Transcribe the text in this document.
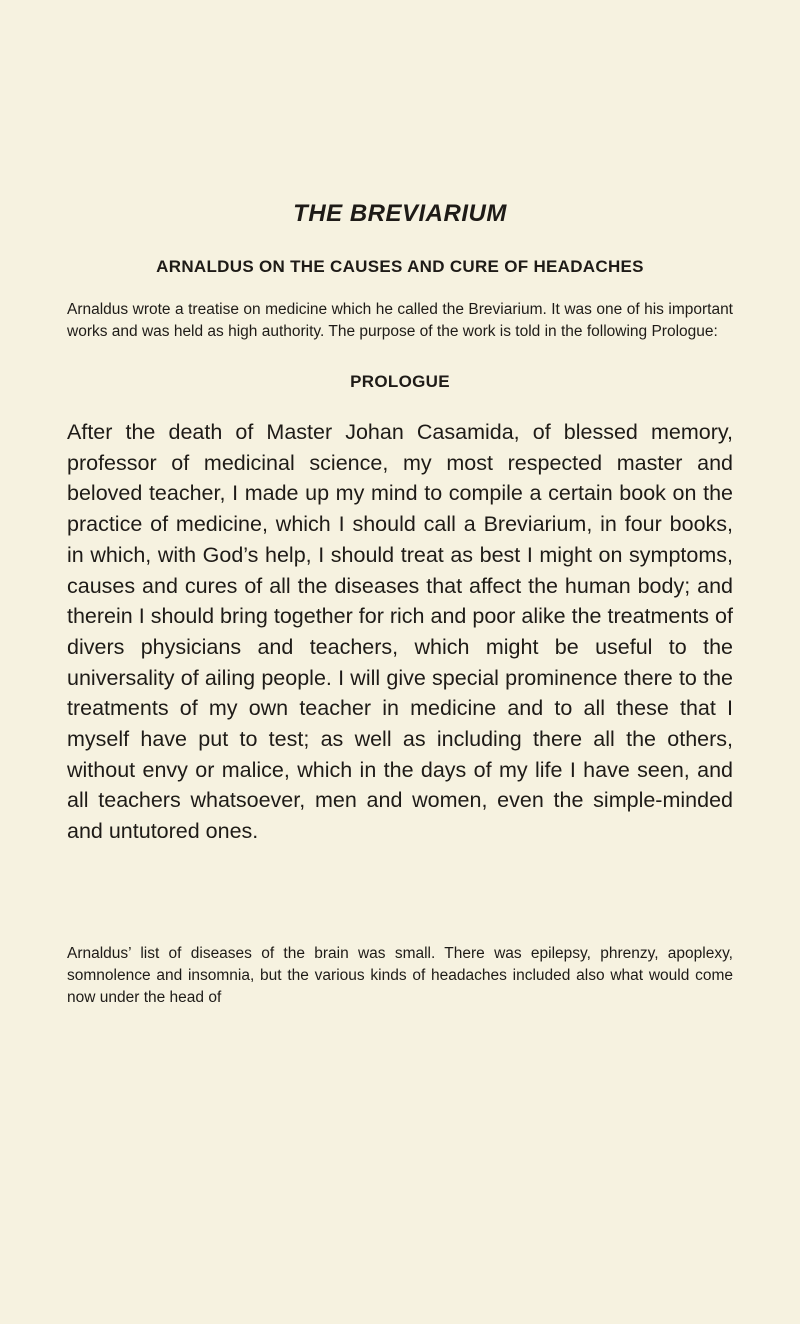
THE BREVIARIUM
ARNALDUS ON THE CAUSES AND CURE OF HEADACHES

Arnaldus wrote a treatise on medicine which he called the Breviarium. It was one of his important works and was held as high authority. The purpose of the work is told in the following Prologue:

PROLOGUE

After the death of Master Johan Casamida, of blessed memory, professor of medicinal science, my most respected master and beloved teacher, I made up my mind to compile a certain book on the practice of medicine, which I should call a Breviarium, in four books, in which, with God’s help, I should treat as best I might on symptoms, causes and cures of all the diseases that affect the human body; and therein I should bring together for rich and poor alike the treatments of divers physicians and teachers, which might be useful to the universality of ailing people. I will give special prominence there to the treatments of my own teacher in medicine and to all these that I myself have put to test; as well as including there all the others, without envy or malice, which in the days of my life I have seen, and all teachers whatsoever, men and women, even the simple-minded and untutored ones.

Arnaldus’ list of diseases of the brain was small. There was epilepsy, phrenzy, apoplexy, somnolence and insomnia, but the various kinds of headaches included also what would come now under the head of
